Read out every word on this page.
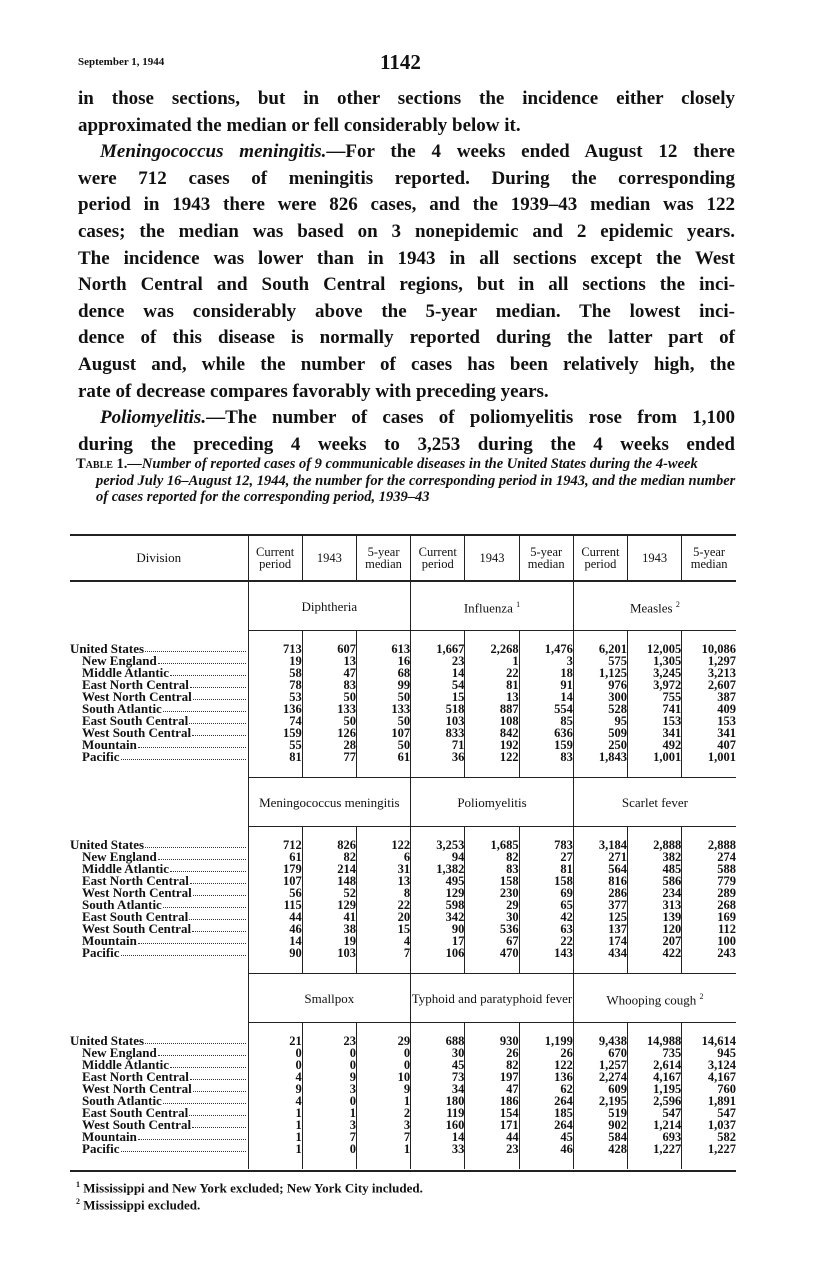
September 1, 1944	1142
in those sections, but in other sections the incidence either closely
approximated the median or fell considerably below it.
Meningococcus meningitis.—For the 4 weeks ended August 12 there
were 712 cases of meningitis reported. During the corresponding
period in 1943 there were 826 cases, and the 1939–43 median was 122
cases; the median was based on 3 nonepidemic and 2 epidemic years.
The incidence was lower than in 1943 in all sections except the West
North Central and South Central regions, but in all sections the inci-
dence was considerably above the 5-year median. The lowest inci-
dence of this disease is normally reported during the latter part of
August and, while the number of cases has been relatively high, the
rate of decrease compares favorably with preceding years.
Poliomyelitis.—The number of cases of poliomyelitis rose from 1,100
during the preceding 4 weeks to 3,253 during the 4 weeks ended
Table 1.—Number of reported cases of 9 communicable diseases in the United States during the 4-week period July 16–August 12, 1944, the number for the corresponding period in 1943, and the median number of cases reported for the corresponding period, 1939–43
Division	Current period	1943	5-year median	Current period	1943	5-year median	Current period	1943	5-year median
	Diphtheria			Influenza $^1$			Measles $^2$

United States	713	607	613	1,667	2,268	1,476	6,201	12,005	10,086

New England	19	13	16	23	1	3	575	1,305	1,297

Middle Atlantic	58	47	68	14	22	18	1,125	3,245	3,213

East North Central	78	83	99	54	81	91	976	3,972	2,607

West North Central	53	50	50	15	13	14	300	755	387

South Atlantic	136	133	133	518	887	554	528	741	409

East South Central	74	50	50	103	108	85	95	153	153

West South Central	159	126	107	833	842	636	509	341	341

Mountain	55	28	50	71	192	159	250	492	407

Pacific	81	77	61	36	122	83	1,843	1,001	1,001

	Meningococcus meningitis			Poliomyelitis			Scarlet fever		

United States	712	826	122	3,253	1,685	783	3,184	2,888	2,888

New England	61	82	6	94	82	27	271	382	274

Middle Atlantic	179	214	31	1,382	83	81	564	485	588

East North Central	107	148	13	495	158	158	816	586	779

West North Central	56	52	8	129	230	69	286	234	289

South Atlantic	115	129	22	598	29	65	377	313	268

East South Central	44	41	20	342	30	42	125	139	169

West South Central	46	38	15	90	536	63	137	120	112

Mountain	14	19	4	17	67	22	174	207	100

Pacific	90	103	7	106	470	143	434	422	243

	Smallpox			Typhoid and paratyphoid fever			Whooping cough $^2$

United States	21	23	29	688	930	1,199	9,438	14,988	14,614

New England	0	0	0	30	26	26	670	735	945

Middle Atlantic	0	0	0	45	82	122	1,257	2,614	3,124

East North Central	4	9	10	73	197	136	2,274	4,167	4,167

West North Central	9	3	9	34	47	62	609	1,195	760

South Atlantic	4	0	1	180	186	264	2,195	2,596	1,891

East South Central	1	1	2	119	154	185	519	547	547

West South Central	1	3	3	160	171	264	902	1,214	1,037

Mountain	1	7	7	14	44	45	584	693	582

Pacific	1	0	1	33	23	46	428	1,227	1,227

$^1$ Mississippi and New York excluded; New York City included.
$^2$ Mississippi excluded.
